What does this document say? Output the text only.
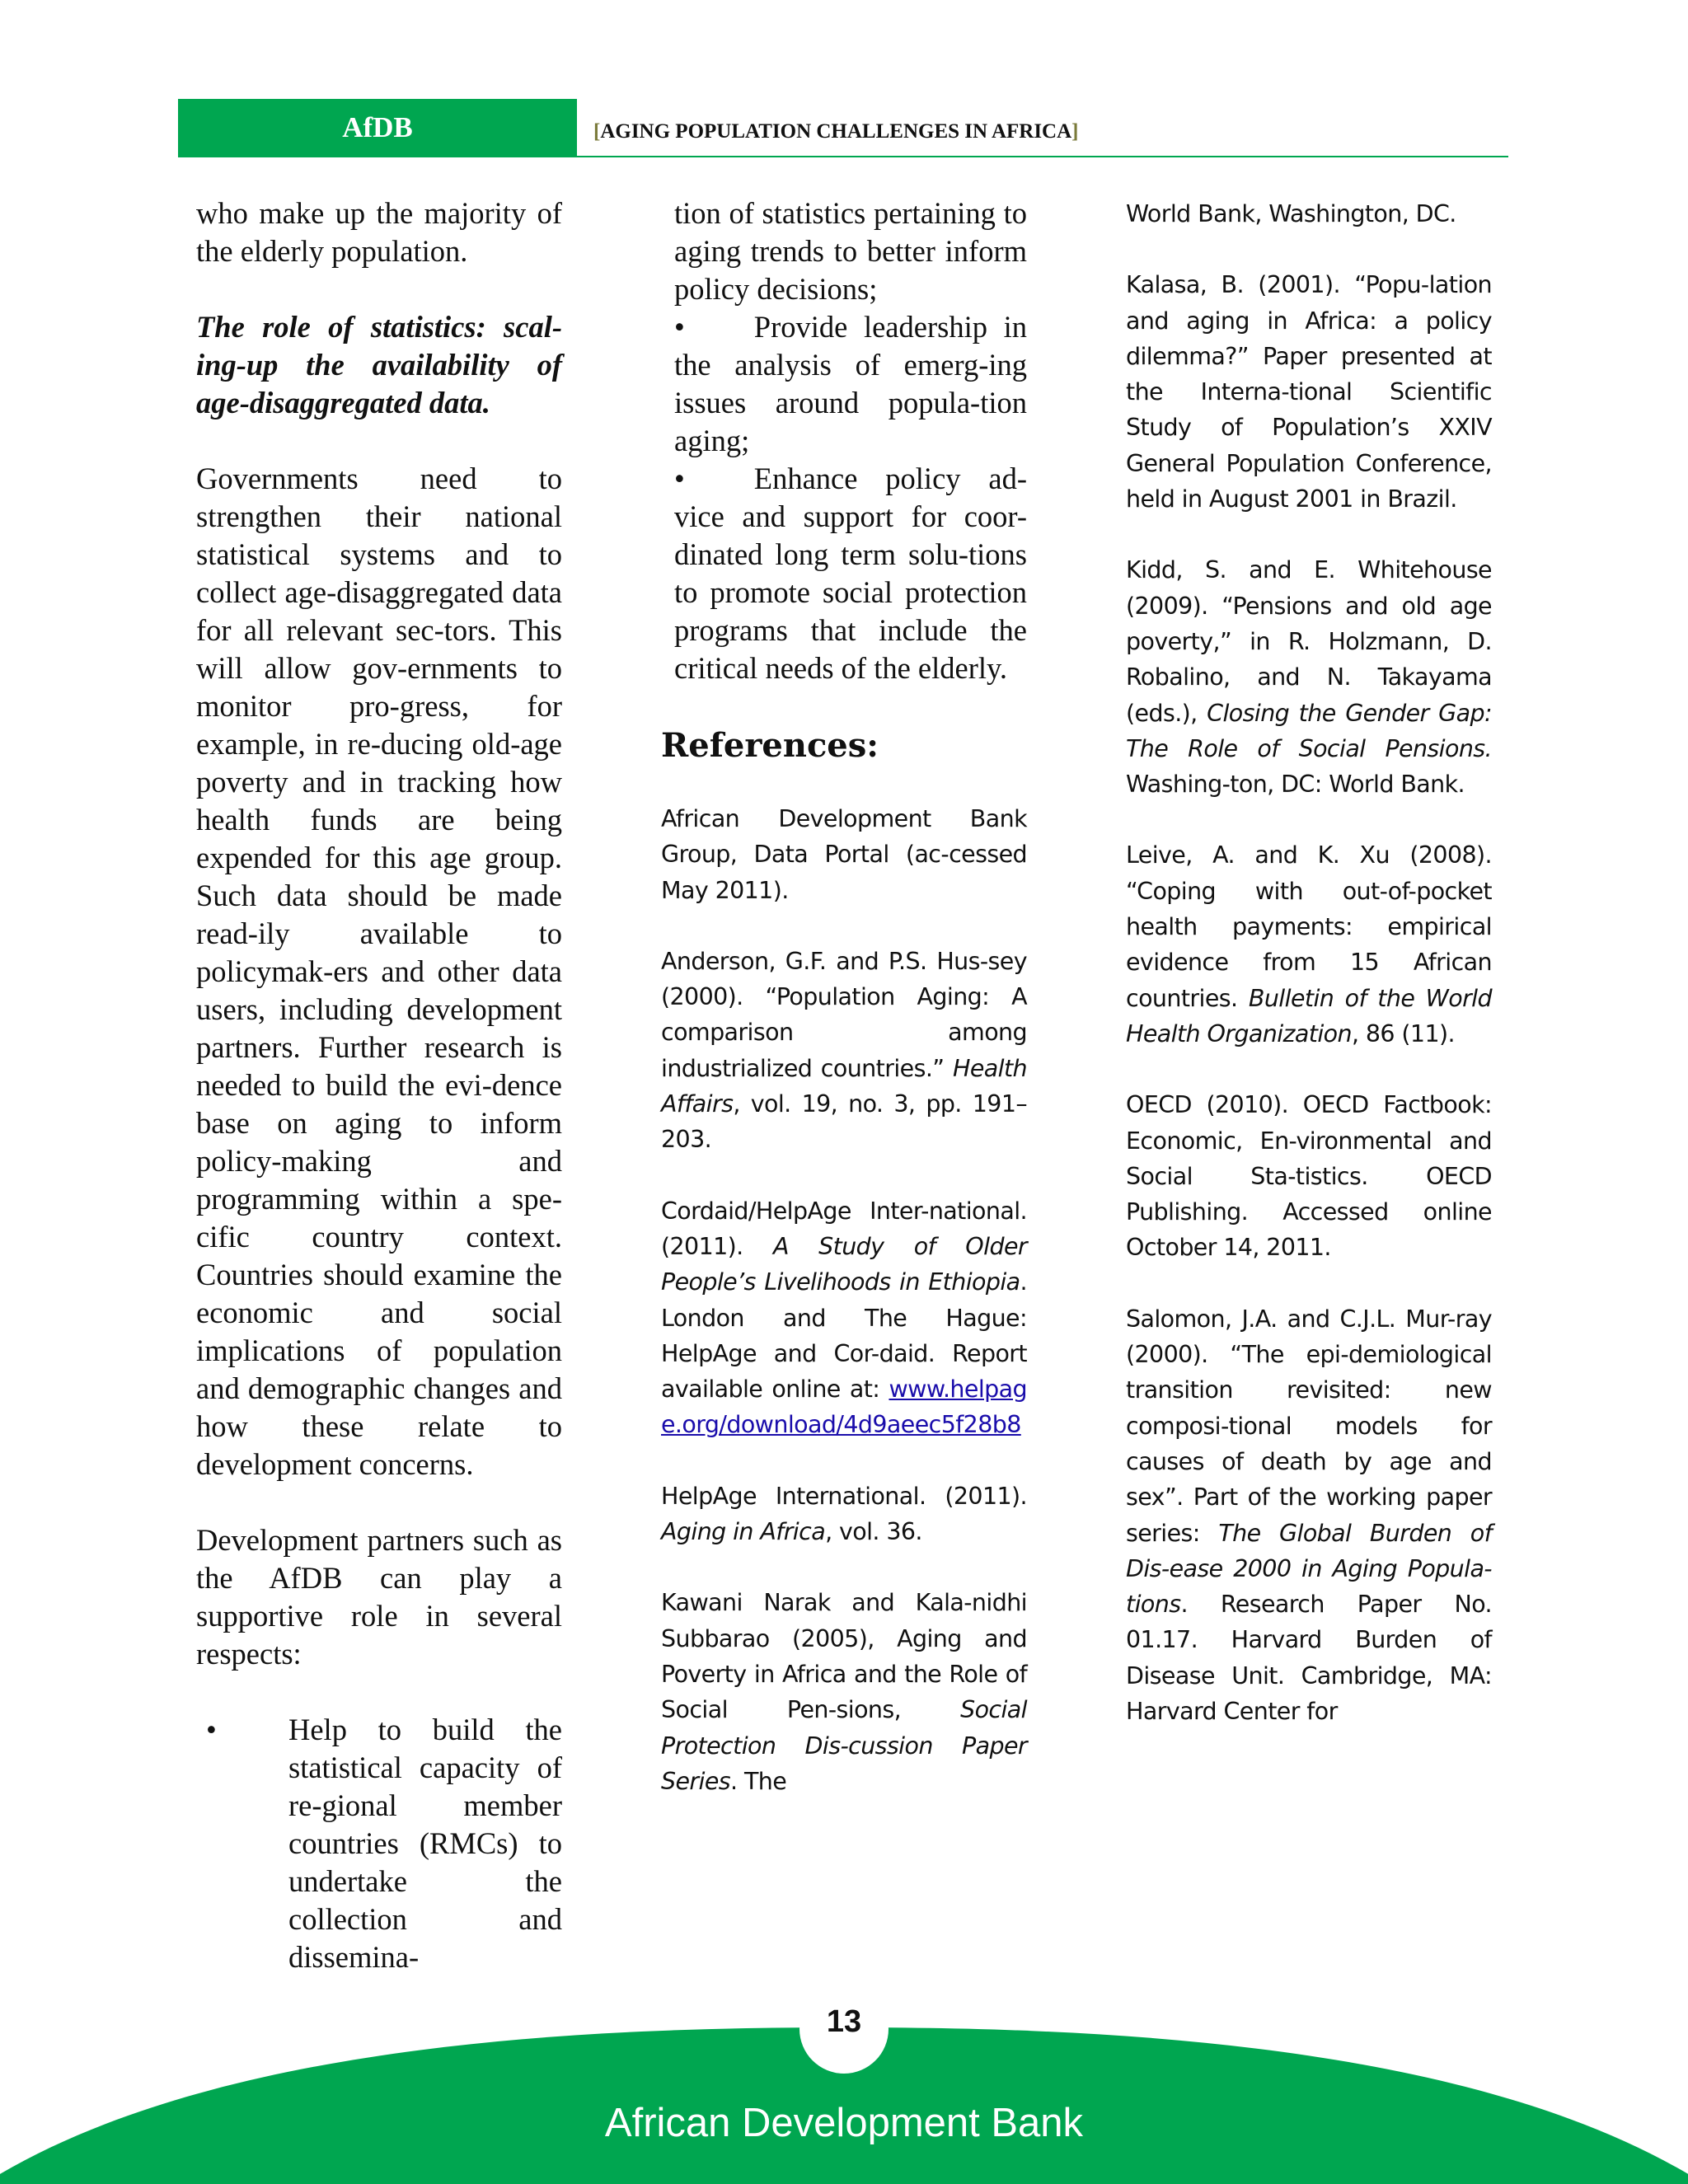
AfDB	[AGING POPULATION CHALLENGES IN AFRICA]

who make up the majority of the elderly population.

The role of statistics: scal-ing-up the availability of age-disaggregated data.

Governments need to strengthen their national statistical systems and to collect age-disaggregated data for all relevant sec-tors. This will allow gov-ernments to monitor pro-gress, for example, in re-ducing old-age poverty and in tracking how health funds are being expended for this age group. Such data should be made read-ily available to policymak-ers and other data users, including development partners. Further research is needed to build the evi-dence base on aging to inform policy-making and programming within a spe-cific country context. Countries should examine the economic and social implications of population and demographic changes and how these relate to development concerns.

Development partners such as the AfDB can play a supportive role in several respects:

•	Help to build the statistical capacity of re-gional member countries (RMCs) to undertake the collection and dissemina-

tion of statistics pertaining to aging trends to better inform policy decisions;

• Provide leadership in the analysis of emerg-ing issues around popula-tion aging;

• Enhance policy ad-vice and support for coor-dinated long term solu-tions to promote social protection programs that include the critical needs of the elderly.

References:

African Development Bank Group, Data Portal (ac-cessed May 2011).

Anderson, G.F. and P.S. Hus-sey (2000). “Population Aging: A comparison among industrialized countries.” Health Affairs, vol. 19, no. 3, pp. 191–203.

Cordaid/HelpAge Inter-national. (2011). A Study of Older People’s Livelihoods in Ethiopia. London and The Hague: HelpAge and Cor-daid. Report available online at: www.helpage.org/download/4d9aeec5f28b8

HelpAge International. (2011). Aging in Africa, vol. 36.

Kawani Narak and Kala-nidhi Subbarao (2005), Aging and Poverty in Africa and the Role of Social Pen-sions, Social Protection Dis-cussion Paper Series. The

World Bank, Washington, DC.

Kalasa, B. (2001). “Popu-lation and aging in Africa: a policy dilemma?” Paper presented at the Interna-tional Scientific Study of Population’s XXIV General Population Conference, held in August 2001 in Brazil.

Kidd, S. and E. Whitehouse (2009). “Pensions and old age poverty,” in R. Holzmann, D. Robalino, and N. Takayama (eds.), Closing the Gender Gap: The Role of Social Pensions. Washing-ton, DC: World Bank.

Leive, A. and K. Xu (2008). “Coping with out-of-pocket health payments: empirical evidence from 15 African countries. Bulletin of the World Health Organization, 86 (11).

OECD (2010). OECD Factbook: Economic, En-vironmental and Social Sta-tistics. OECD Publishing. Accessed online October 14, 2011.

Salomon, J.A. and C.J.L. Mur-ray (2000). “The epi-demiological transition revisited: new composi-tional models for causes of death by age and sex”. Part of the working paper series: The Global Burden of Dis-ease 2000 in Aging Popula-tions. Research Paper No. 01.17. Harvard Burden of Disease Unit. Cambridge, MA: Harvard Center for

13
African Development Bank
